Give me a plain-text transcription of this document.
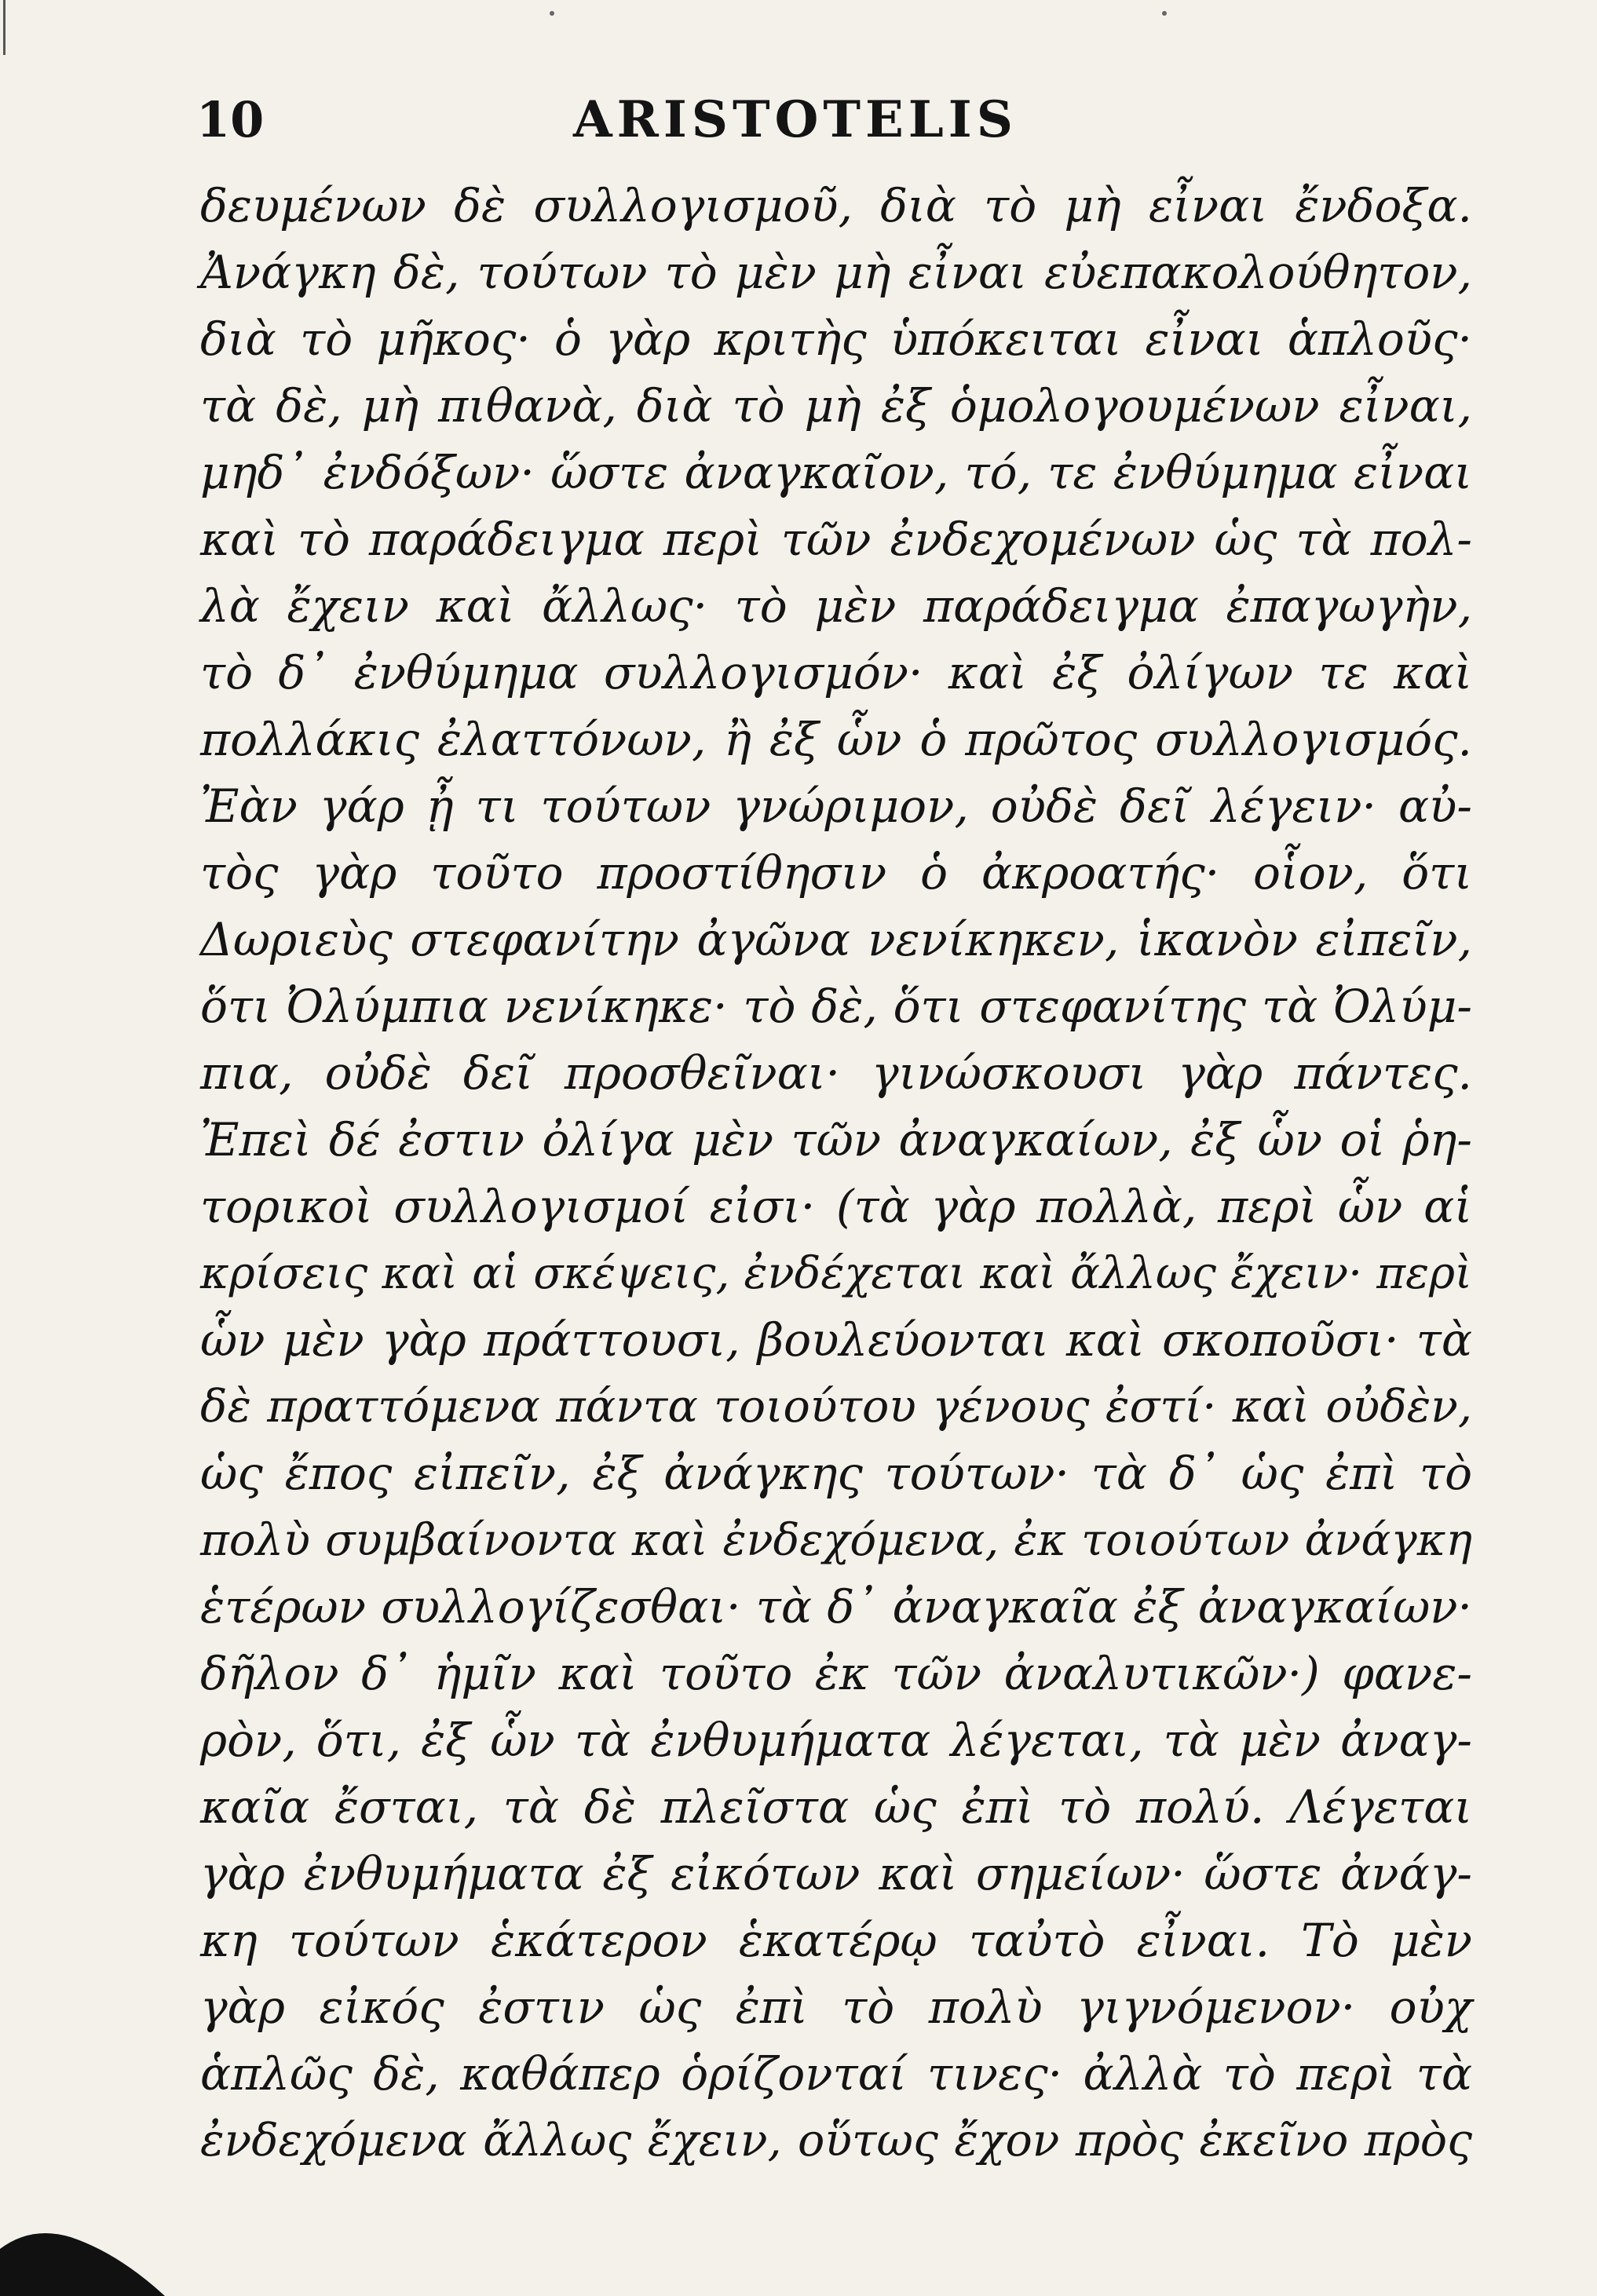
10	ARISTOTELIS
δευμένων δὲ συλλογισμοῦ, διὰ τὸ μὴ εἶναι ἔνδοξα.
Ἀνάγκη δὲ, τούτων τὸ μὲν μὴ εἶναι εὐεπακολούθητον,
διὰ τὸ μῆκος· ὁ γὰρ κριτὴς ὑπόκειται εἶναι ἁπλοῦς·
τὰ δὲ, μὴ πιθανὰ, διὰ τὸ μὴ ἐξ ὁμολογουμένων εἶναι,
μηδ᾽ ἐνδόξων· ὥστε ἀναγκαῖον, τό, τε ἐνθύμημα εἶναι
καὶ τὸ παράδειγμα περὶ τῶν ἐνδεχομένων ὡς τὰ πολ-
λὰ ἔχειν καὶ ἄλλως· τὸ μὲν παράδειγμα ἐπαγωγὴν,
τὸ δ᾽ ἐνθύμημα συλλογισμόν· καὶ ἐξ ὀλίγων τε καὶ
πολλάκις ἐλαττόνων, ἢ ἐξ ὧν ὁ πρῶτος συλλογισμός.
Ἐὰν γάρ ᾖ τι τούτων γνώριμον, οὐδὲ δεῖ λέγειν· αὐ-
τὸς γὰρ τοῦτο προστίθησιν ὁ ἀκροατής· οἷον, ὅτι
Δωριεὺς στεφανίτην ἀγῶνα νενίκηκεν, ἱκανὸν εἰπεῖν,
ὅτι Ὀλύμπια νενίκηκε· τὸ δὲ, ὅτι στεφανίτης τὰ Ὀλύμ-
πια, οὐδὲ δεῖ προσθεῖναι· γινώσκουσι γὰρ πάντες.
Ἐπεὶ δέ ἐστιν ὀλίγα μὲν τῶν ἀναγκαίων, ἐξ ὧν οἱ ῥη-
τορικοὶ συλλογισμοί εἰσι· (τὰ γὰρ πολλὰ, περὶ ὧν αἱ
κρίσεις καὶ αἱ σκέψεις, ἐνδέχεται καὶ ἄλλως ἔχειν· περὶ
ὧν μὲν γὰρ πράττουσι, βουλεύονται καὶ σκοποῦσι· τὰ
δὲ πραττόμενα πάντα τοιούτου γένους ἐστί· καὶ οὐδὲν,
ὡς ἔπος εἰπεῖν, ἐξ ἀνάγκης τούτων· τὰ δ᾽ ὡς ἐπὶ τὸ
πολὺ συμβαίνοντα καὶ ἐνδεχόμενα, ἐκ τοιούτων ἀνάγκη
ἑτέρων συλλογίζεσθαι· τὰ δ᾽ ἀναγκαῖα ἐξ ἀναγκαίων·
δῆλον δ᾽ ἡμῖν καὶ τοῦτο ἐκ τῶν ἀναλυτικῶν·) φανε-
ρὸν, ὅτι, ἐξ ὧν τὰ ἐνθυμήματα λέγεται, τὰ μὲν ἀναγ-
καῖα ἔσται, τὰ δὲ πλεῖστα ὡς ἐπὶ τὸ πολύ. Λέγεται
γὰρ ἐνθυμήματα ἐξ εἰκότων καὶ σημείων· ὥστε ἀνάγ-
κη τούτων ἑκάτερον ἑκατέρῳ ταὐτὸ εἶναι. Τὸ μὲν
γὰρ εἰκός ἐστιν ὡς ἐπὶ τὸ πολὺ γιγνόμενον· οὐχ
ἁπλῶς δὲ, καθάπερ ὁρίζονταί τινες· ἀλλὰ τὸ περὶ τὰ
ἐνδεχόμενα ἄλλως ἔχειν, οὕτως ἔχον πρὸς ἐκεῖνο πρὸς
